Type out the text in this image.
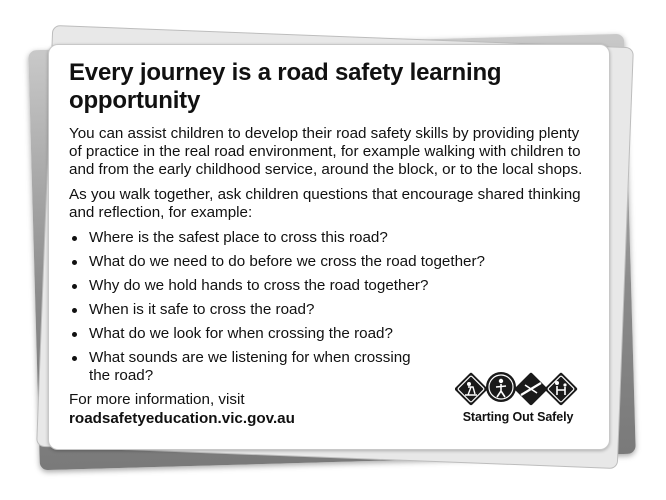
Every journey is a road safety learning opportunity

You can assist children to develop their road safety skills by providing plenty of practice in the real road environment, for example walking with children to and from the early childhood service, around the block, or to the local shops.

As you walk together, ask children questions that encourage shared thinking and reflection, for example:

Where is the safest place to cross this road?
What do we need to do before we cross the road together?
Why do we hold hands to cross the road together?
When is it safe to cross the road?
What do we look for when crossing the road?
What sounds are we listening for when crossing the road?
For more information, visit
roadsafetyeducation.vic.gov.au	Starting Out Safely
